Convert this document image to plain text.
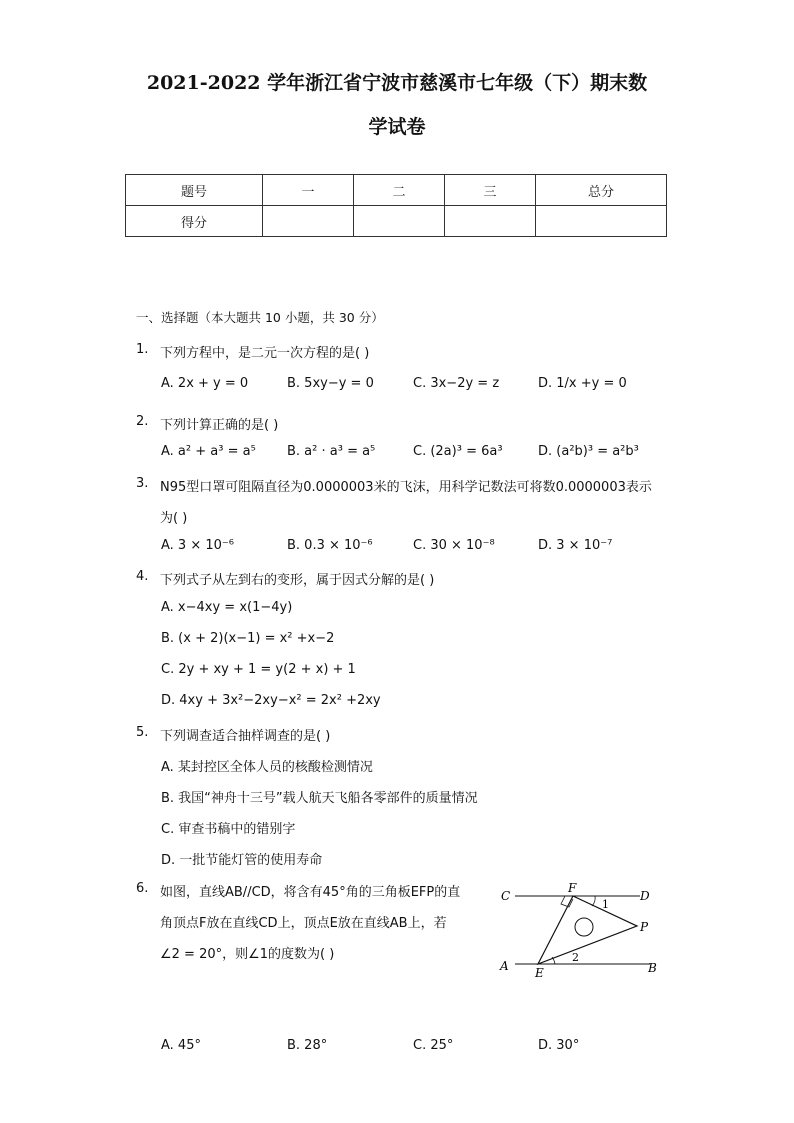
2021-2022 学年浙江省宁波市慈溪市七年级（下）期末数
学试卷
题号	一	二	三	总分
得分				
一、选择题（本大题共 10 小题，共 30 分）
1. 下列方程中，是二元一次方程的是( )
A. 2x + y = 0	B. 5xy−y = 0	C. 3x−2y = z	D. 1/x +y = 0
2. 下列计算正确的是( )
A. a² + a³ = a⁵ B. a² · a³ = a⁵	C. (2a)³ = 6a³	D. (a²b)³ = a²b³
3. N95型口罩可阻隔直径为0.0000003米的飞沫，用科学记数法可将数0.0000003表示
为( )
A. 3 × 10⁻⁶	B. 0.3 × 10⁻⁶	C. 30 × 10⁻⁸	D. 3 × 10⁻⁷
4. 下列式子从左到右的变形，属于因式分解的是( )
A. x−4xy = x(1−4y)
B. (x + 2)(x−1) = x² +x−2
C. 2y + xy + 1 = y(2 + x) + 1
D. 4xy + 3x²−2xy−x² = 2x² +2xy
5. 下列调查适合抽样调查的是( )
A. 某封控区全体人员的核酸检测情况
B. 我国“神舟十三号”载人航天飞船各零部件的质量情况
C. 审查书稿中的错别字
D. 一批节能灯管的使用寿命
6. 如图，直线AB//CD，将含有45°角的三角板EFP的直
角顶点F放在直线CD上，顶点E放在直线AB上，若
∠2 = 20°，则∠1的度数为( )
C
F
D
P
A E	B
1
2
A. 45°	B. 28°	C. 25°	D. 30°
